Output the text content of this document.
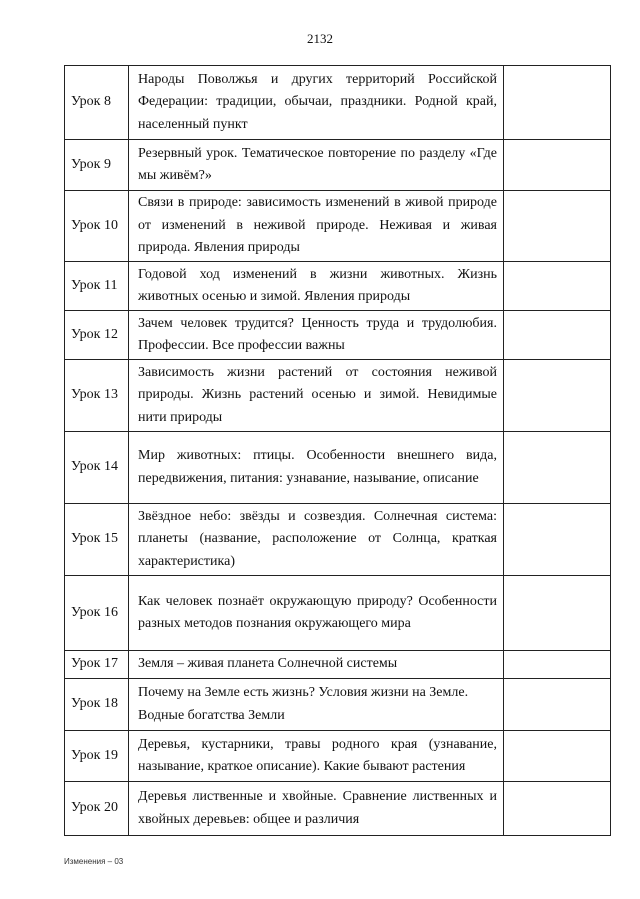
2132
Урок 8	Народы Поволжья и других территорий Российской Федерации: традиции, обычаи, праздники. Родной край, населенный пункт	
Урок 9	Резервный урок. Тематическое повторение по разделу «Где мы живём?»	
Урок 10	Связи в природе: зависимость изменений в живой природе от изменений в неживой природе. Неживая и живая природа. Явления природы	
Урок 11	Годовой ход изменений в жизни животных. Жизнь животных осенью и зимой. Явления природы	
Урок 12	Зачем человек трудится? Ценность труда и трудолюбия. Профессии. Все профессии важны	
Урок 13	Зависимость жизни растений от состояния неживой природы. Жизнь растений осенью и зимой. Невидимые нити природы	
Урок 14	Мир животных: птицы. Особенности внешнего вида, передвижения, питания: узнавание, называние, описание	
Урок 15	Звёздное небо: звёзды и созвездия. Солнечная система: планеты (название, расположение от Солнца, краткая характеристика)	
Урок 16	Как человек познаёт окружающую природу? Особенности разных методов познания окружающего мира	
Урок 17	Земля – живая планета Солнечной системы	
Урок 18	Почему на Земле есть жизнь? Условия жизни на Земле. Водные богатства Земли	
Урок 19	Деревья, кустарники, травы родного края (узнавание, называние, краткое описание). Какие бывают растения	
Урок 20	Деревья лиственные и хвойные. Сравнение лиственных и хвойных деревьев: общее и различия	
Изменения – 03
